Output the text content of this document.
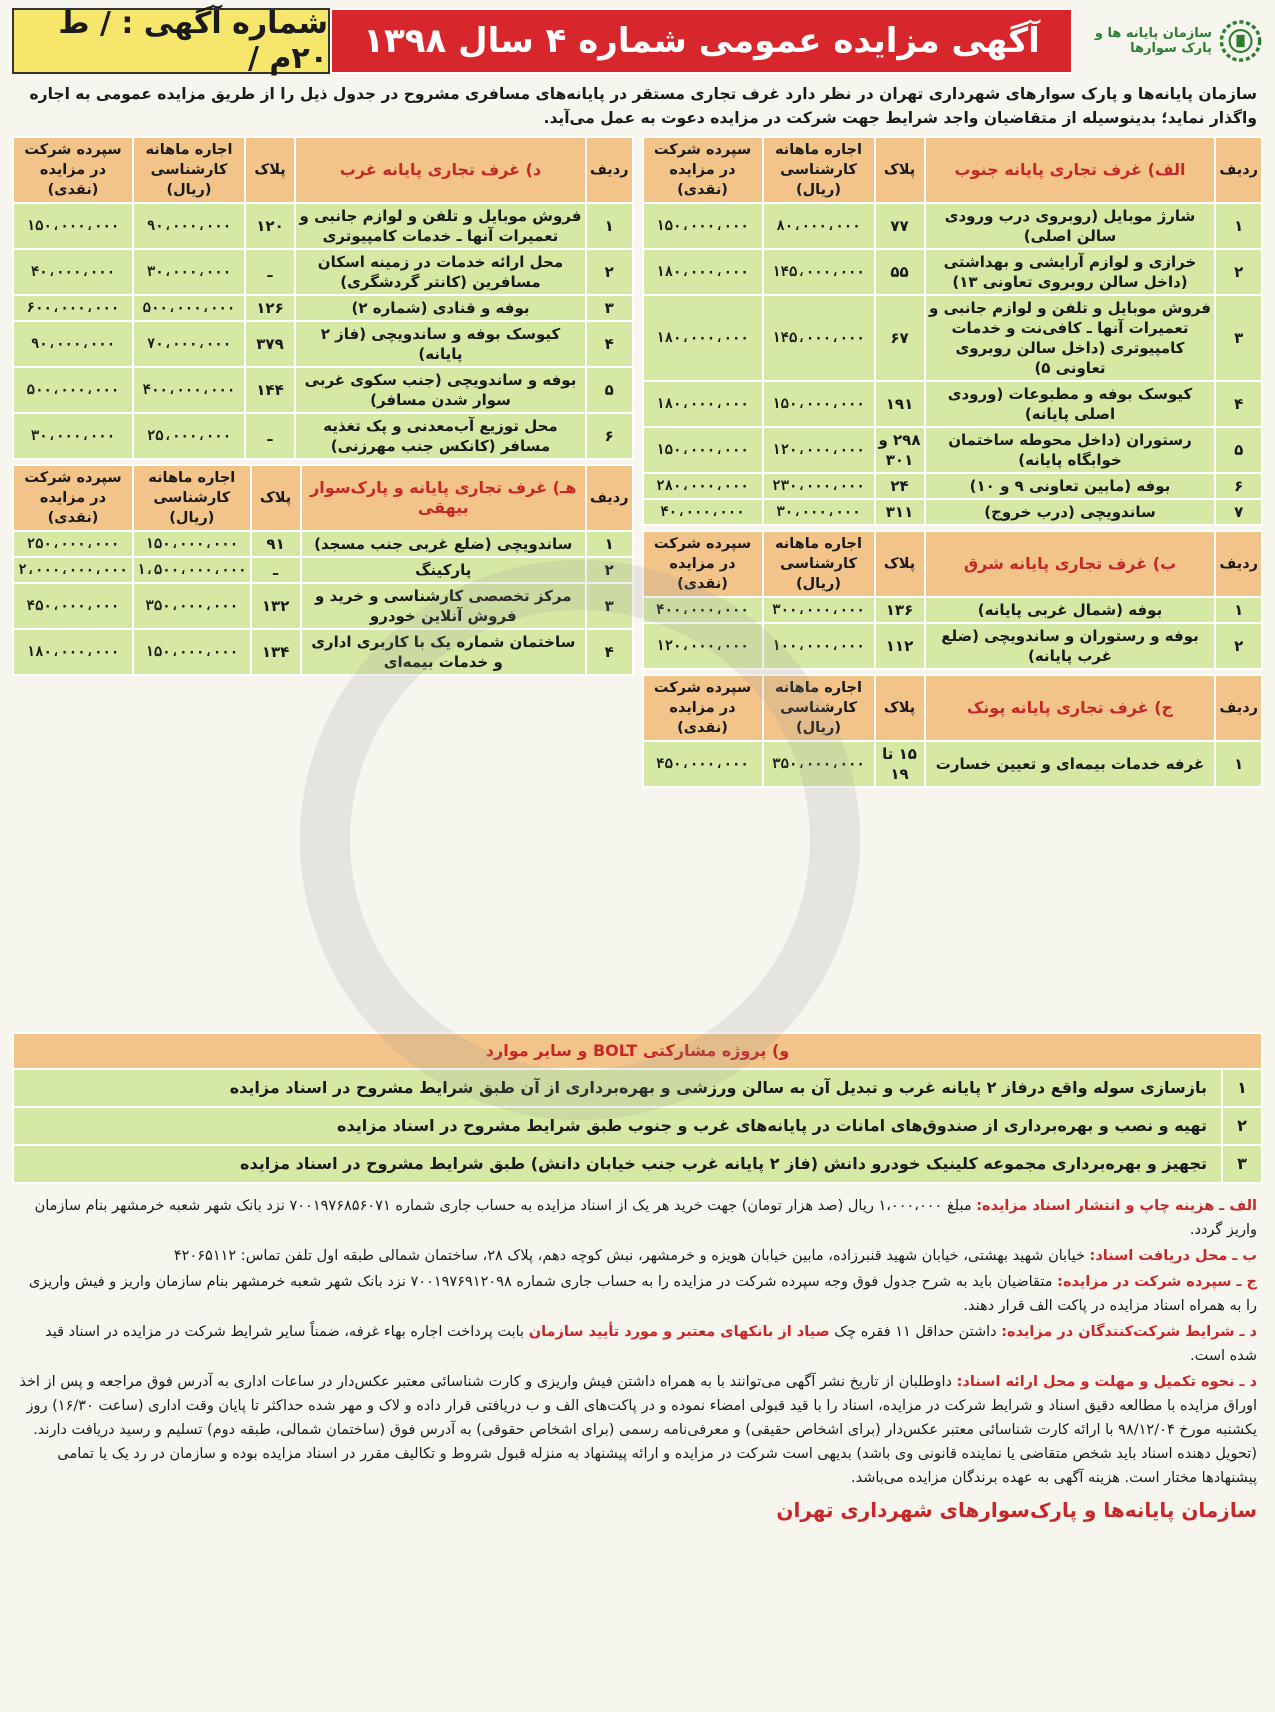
سازمان پایانه ها و پارک سوارها
آگهی مزایده عمومی شماره ۴ سال ۱۳۹۸
شماره آگهی : / ط ۲۰م /
سازمان پایانه‌ها و پارک سوارهای شهرداری تهران در نظر دارد غرف تجاری مستقر در پایانه‌های مسافری مشروح در جدول ذیل را از طریق مزایده عمومی به اجاره واگذار نماید؛ بدینوسیله از متقاضیان واجد شرایط جهت شرکت در مزایده دعوت به عمل می‌آید.
ردیف	الف) غرف تجاری پایانه جنوب	پلاک	اجاره ماهانه کارشناسی (ریال)	سپرده شرکت در مزایده (نقدی)
۱	شارژ موبایل (روبروی درب ورودی سالن اصلی)	۷۷	۸۰،۰۰۰،۰۰۰	۱۵۰،۰۰۰،۰۰۰
۲	خرازی و لوازم آرایشی و بهداشتی (داخل سالن روبروی تعاونی ۱۳)	۵۵	۱۴۵،۰۰۰،۰۰۰	۱۸۰،۰۰۰،۰۰۰
۳	فروش موبایل و تلفن و لوازم جانبی و تعمیرات آنها ـ کافی‌نت و خدمات کامپیوتری (داخل سالن روبروی تعاونی ۵)	۶۷	۱۴۵،۰۰۰،۰۰۰	۱۸۰،۰۰۰،۰۰۰
۴	کیوسک بوفه و مطبوعات (ورودی اصلی پایانه)	۱۹۱	۱۵۰،۰۰۰،۰۰۰	۱۸۰،۰۰۰،۰۰۰
۵	رستوران (داخل محوطه ساختمان خوابگاه پایانه)	۲۹۸ و ۳۰۱	۱۲۰،۰۰۰،۰۰۰	۱۵۰،۰۰۰،۰۰۰
۶	بوفه (مابین تعاونی ۹ و ۱۰)	۲۴	۲۳۰،۰۰۰،۰۰۰	۲۸۰،۰۰۰،۰۰۰
۷	ساندویچی (درب خروج)	۳۱۱	۳۰،۰۰۰،۰۰۰	۴۰،۰۰۰،۰۰۰
ردیف	ب) غرف تجاری پایانه شرق	پلاک	اجاره ماهانه کارشناسی (ریال)	سپرده شرکت در مزایده (نقدی)
۱	بوفه (شمال غربی پایانه)	۱۳۶	۳۰۰،۰۰۰،۰۰۰	۴۰۰،۰۰۰،۰۰۰
۲	بوفه و رستوران و ساندویچی (ضلع غرب پایانه)	۱۱۲	۱۰۰،۰۰۰،۰۰۰	۱۲۰،۰۰۰،۰۰۰
ردیف	ج) غرف تجاری پایانه پونک	پلاک	اجاره ماهانه کارشناسی (ریال)	سپرده شرکت در مزایده (نقدی)
۱	غرفه خدمات بیمه‌ای و تعیین خسارت	۱۵ تا ۱۹	۳۵۰،۰۰۰،۰۰۰	۴۵۰،۰۰۰،۰۰۰
ردیف	د) غرف تجاری پایانه غرب	پلاک	اجاره ماهانه کارشناسی (ریال)	سپرده شرکت در مزایده (نقدی)
۱	فروش موبایل و تلفن و لوازم جانبی و تعمیرات آنها ـ خدمات کامپیوتری	۱۲۰	۹۰،۰۰۰،۰۰۰	۱۵۰،۰۰۰،۰۰۰
۲	محل ارائه خدمات در زمینه اسکان مسافرین (کانتر گردشگری)	ـ	۳۰،۰۰۰،۰۰۰	۴۰،۰۰۰،۰۰۰
۳	بوفه و قنادی (شماره ۲)	۱۲۶	۵۰۰،۰۰۰،۰۰۰	۶۰۰،۰۰۰،۰۰۰
۴	کیوسک بوفه و ساندویچی (فاز ۲ پایانه)	۳۷۹	۷۰،۰۰۰،۰۰۰	۹۰،۰۰۰،۰۰۰
۵	بوفه و ساندویچی (جنب سکوی غربی سوار شدن مسافر)	۱۴۴	۴۰۰،۰۰۰،۰۰۰	۵۰۰،۰۰۰،۰۰۰
۶	محل توزیع آب‌معدنی و پک تغذیه مسافر (کانکس جنب مهرزنی)	ـ	۲۵،۰۰۰،۰۰۰	۳۰،۰۰۰،۰۰۰
ردیف	هـ) غرف تجاری پایانه و پارک‌سوار بیهقی	پلاک	اجاره ماهانه کارشناسی (ریال)	سپرده شرکت در مزایده (نقدی)
۱	ساندویچی (ضلع غربی جنب مسجد)	۹۱	۱۵۰،۰۰۰،۰۰۰	۲۵۰،۰۰۰،۰۰۰
۲	پارکینگ	ـ	۱،۵۰۰،۰۰۰،۰۰۰	۲،۰۰۰،۰۰۰،۰۰۰
۳	مرکز تخصصی کارشناسی و خرید و فروش آنلاین خودرو	۱۳۲	۳۵۰،۰۰۰،۰۰۰	۴۵۰،۰۰۰،۰۰۰
۴	ساختمان شماره یک با کاربری اداری و خدمات بیمه‌ای	۱۳۴	۱۵۰،۰۰۰،۰۰۰	۱۸۰،۰۰۰،۰۰۰
و) پروژه مشارکتی BOLT و سایر موارد	
۱	بازسازی سوله واقع درفاز ۲ پایانه غرب و تبدیل آن به سالن ورزشی و بهره‌برداری از آن طبق شرایط مشروح در اسناد مزایده
۲	تهیه و نصب و بهره‌برداری از صندوق‌های امانات در پایانه‌های غرب و جنوب طبق شرایط مشروح در اسناد مزایده
۳	تجهیز و بهره‌برداری مجموعه کلینیک خودرو دانش (فاز ۲ پایانه غرب جنب خیابان دانش) طبق شرایط مشروح در اسناد مزایده

الف ـ هزینه چاپ و انتشار اسناد مزایده: مبلغ ۱،۰۰۰،۰۰۰ ریال (صد هزار تومان) جهت خرید هر یک از اسناد مزایده به حساب جاری شماره ۷۰۰۱۹۷۶۸۵۶۰۷۱ نزد بانک شهر شعبه خرمشهر بنام سازمان واریز گردد.

ب ـ محل دریافت اسناد: خیابان شهید بهشتی، خیابان شهید قنبرزاده، مابین خیابان هویزه و خرمشهر، نبش کوچه دهم، پلاک ۲۸، ساختمان شمالی طبقه اول تلفن تماس: ۴۲۰۶۵۱۱۲

ج ـ سپرده شرکت در مزایده: متقاضیان باید به شرح جدول فوق وجه سپرده شرکت در مزایده را به حساب جاری شماره ۷۰۰۱۹۷۶۹۱۲۰۹۸ نزد بانک شهر شعبه خرمشهر بنام سازمان واریز و فیش واریزی را به همراه اسناد مزایده در پاکت الف قرار دهند.

د ـ شرایط شرکت‌کنندگان در مزایده: داشتن حداقل ۱۱ فقره چک صیاد از بانکهای معتبر و مورد تأیید سازمان بابت پرداخت اجاره بهاء غرفه، ضمناً سایر شرایط شرکت در مزایده در اسناد قید شده است.

د ـ نحوه تکمیل و مهلت و محل ارائه اسناد: داوطلبان از تاریخ نشر آگهی می‌توانند با به همراه داشتن فیش واریزی و کارت شناسائی معتبر عکس‌دار در ساعات اداری به آدرس فوق مراجعه و پس از اخذ اوراق مزایده با مطالعه دقیق اسناد و شرایط شرکت در مزایده، اسناد را با قید قبولی امضاء نموده و در پاکت‌های الف و ب دریافتی قرار داده و لاک و مهر شده حداکثر تا پایان وقت اداری (ساعت ۱۶/۳۰) روز یکشنبه مورخ ۹۸/۱۲/۰۴ با ارائه کارت شناسائی معتبر عکس‌دار (برای اشخاص حقیقی) و معرفی‌نامه رسمی (برای اشخاص حقوقی) به آدرس فوق (ساختمان شمالی، طبقه دوم) تسلیم و رسید دریافت دارند. (تحویل دهنده اسناد باید شخص متقاضی یا نماینده قانونی وی باشد) بدیهی است شرکت در مزایده و ارائه پیشنهاد به منزله قبول شروط و تکالیف مقرر در اسناد مزایده بوده و سازمان در رد یک یا تمامی پیشنهادها مختار است. هزینه آگهی به عهده برندگان مزایده می‌باشد.

سازمان پایانه‌ها و پارک‌سوارهای شهرداری تهران
